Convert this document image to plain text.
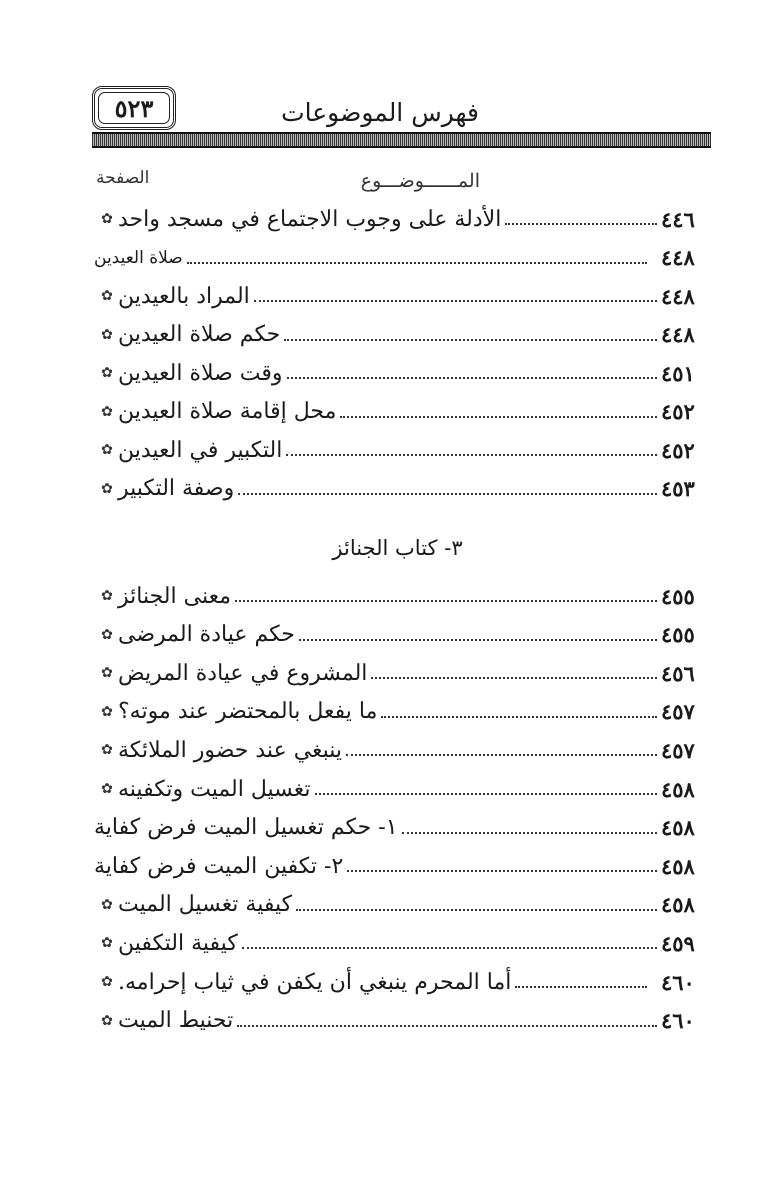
٥٢٣	فهرس الموضوعات
المــــــوضـــوع
الصفحة
✿ الأدلة على وجوب الاجتماع في مسجد واحد	٤٤٦
صلاة العيدين	٤٤٨
✿ المراد بالعيدين	٤٤٨
✿ حكم صلاة العيدين	٤٤٨
✿ وقت صلاة العيدين	٤٥١
✿ محل إقامة صلاة العيدين	٤٥٢
✿ التكبير في العيدين	٤٥٢
✿ وصفة التكبير	٤٥٣
٣- كتاب الجنائز
✿ معنى الجنائز	٤٥٥
✿ حكم عيادة المرضى	٤٥٥
✿ المشروع في عيادة المريض	٤٥٦
✿ ما يفعل بالمحتضر عند موته؟	٤٥٧
✿ ينبغي عند حضور الملائكة	٤٥٧
✿ تغسيل الميت وتكفينه	٤٥٨
١- حكم تغسيل الميت فرض كفاية	٤٥٨
٢- تكفين الميت فرض كفاية	٤٥٨
✿ كيفية تغسيل الميت	٤٥٨
✿ كيفية التكفين	٤٥٩
✿ أما المحرم ينبغي أن يكفن في ثياب إحرامه.	٤٦٠
✿ تحنيط الميت	٤٦٠
